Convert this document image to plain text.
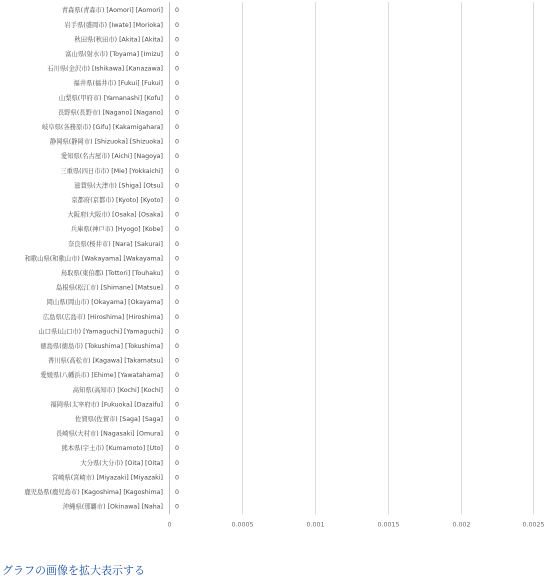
0	0.0005	0.001	0.0015	0.002	0.0025
青森県(青森市) [Aomori] [Aomori] 0
岩手県(盛岡市) [Iwate] [Morioka] 0
秋田県(秋田市) [Akita] [Akita] 0
富山県(射水市) [Toyama] [Imizu] 0
石川県(金沢市) [Ishikawa] [Kanazawa] 0
福井県(福井市) [Fukui] [Fukui] 0
山梨県(甲府市) [Yamanashi] [Kofu] 0
長野県(長野市) [Nagano] [Nagano] 0
岐阜県(各務原市) [Gifu] [Kakamigahara] 0
静岡県(静岡市) [Shizuoka] [Shizuoka] 0
愛知県(名古屋市) [Aichi] [Nagoya] 0
三重県(四日市市) [Mie] [Yokkaichi] 0
滋賀県(大津市) [Shiga] [Otsu] 0
京都府(京都市) [Kyoto] [Kyoto] 0
大阪府(大阪市) [Osaka] [Osaka] 0
兵庫県(神戸市) [Hyogo] [Kobe] 0
奈良県(桜井市) [Nara] [Sakurai] 0
和歌山県(和歌山市) [Wakayama] [Wakayama] 0
鳥取県(東伯郡) [Tottori] [Touhaku] 0
島根県(松江市) [Shimane] [Matsue] 0
岡山県(岡山市) [Okayama] [Okayama] 0
広島県(広島市) [Hiroshima] [Hiroshima] 0
山口県(山口市) [Yamaguchi] [Yamaguchi] 0
徳島県(徳島市) [Tokushima] [Tokushima] 0
香川県(高松市) [Kagawa] [Takamatsu] 0
愛媛県(八幡浜市) [Ehime] [Yawatahama] 0
高知県(高知市) [Kochi] [Kochi] 0
福岡県(太宰府市) [Fukuoka] [Dazaifu] 0
佐賀県(佐賀市) [Saga] [Saga] 0
長崎県(大村市) [Nagasaki] [Omura] 0
熊本県(宇土市) [Kumamoto] [Uto] 0
大分県(大分市) [Oita] [Oita] 0
宮崎県(宮崎市) [Miyazaki] [Miyazaki] 0
鹿児島県(鹿児島市) [Kagoshima] [Kagoshima] 0
沖縄県(那覇市) [Okinawa] [Naha] 0
グラフの画像を拡大表示する
